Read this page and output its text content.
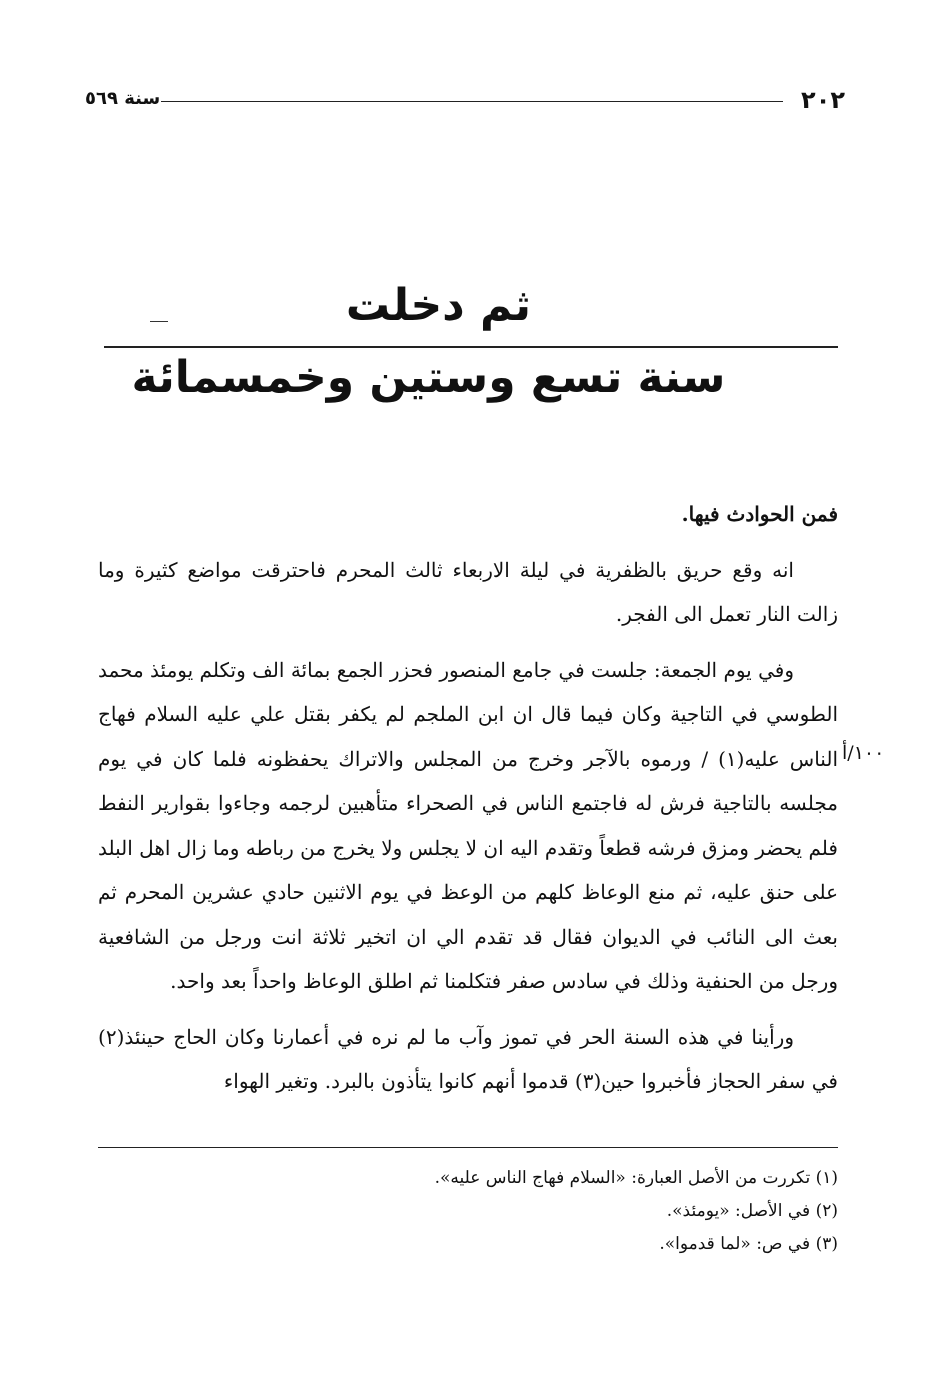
سنة ٥٦٩	٢٠٢
ثم دخلت
سنة تسع وستين وخمسمائة

فمن الحوادث فيها.

انه وقع حريق بالظفرية في ليلة الاربعاء ثالث المحرم فاحترقت مواضع كثيرة وما زالت النار تعمل الى الفجر.

وفي يوم الجمعة: جلست في جامع المنصور فحزر الجمع بمائة الف وتكلم يومئذ محمد الطوسي في التاجية وكان فيما قال ان ابن الملجم لم يكفر بقتل علي عليه السلام فهاج الناس عليه(١) / ورموه بالآجر وخرج من المجلس والاتراك يحفظونه فلما كان في يوم مجلسه بالتاجية فرش له فاجتمع الناس في الصحراء متأهبين لرجمه وجاءوا بقوارير النفط فلم يحضر ومزق فرشه قطعاً وتقدم اليه ان لا يجلس ولا يخرج من رباطه وما زال اهل البلد على حنق عليه، ثم منع الوعاظ كلهم من الوعظ في يوم الاثنين حادي عشرين المحرم ثم بعث الى النائب في الديوان فقال قد تقدم الي ان اتخير ثلاثة انت ورجل من الشافعية ورجل من الحنفية وذلك في سادس صفر فتكلمنا ثم اطلق الوعاظ واحداً بعد واحد.

ورأينا في هذه السنة الحر في تموز وآب ما لم نره في أعمارنا وكان الحاج حينئذ(٢) في سفر الحجاز فأخبروا حين(٣) قدموا أنهم كانوا يتأذون بالبرد. وتغير الهواء

١٠٠/أ

(١) تكررت من الأصل العبارة: «السلام فهاج الناس عليه».

(٢) في الأصل: «يومئذ».

(٣) في ص: «لما قدموا».
